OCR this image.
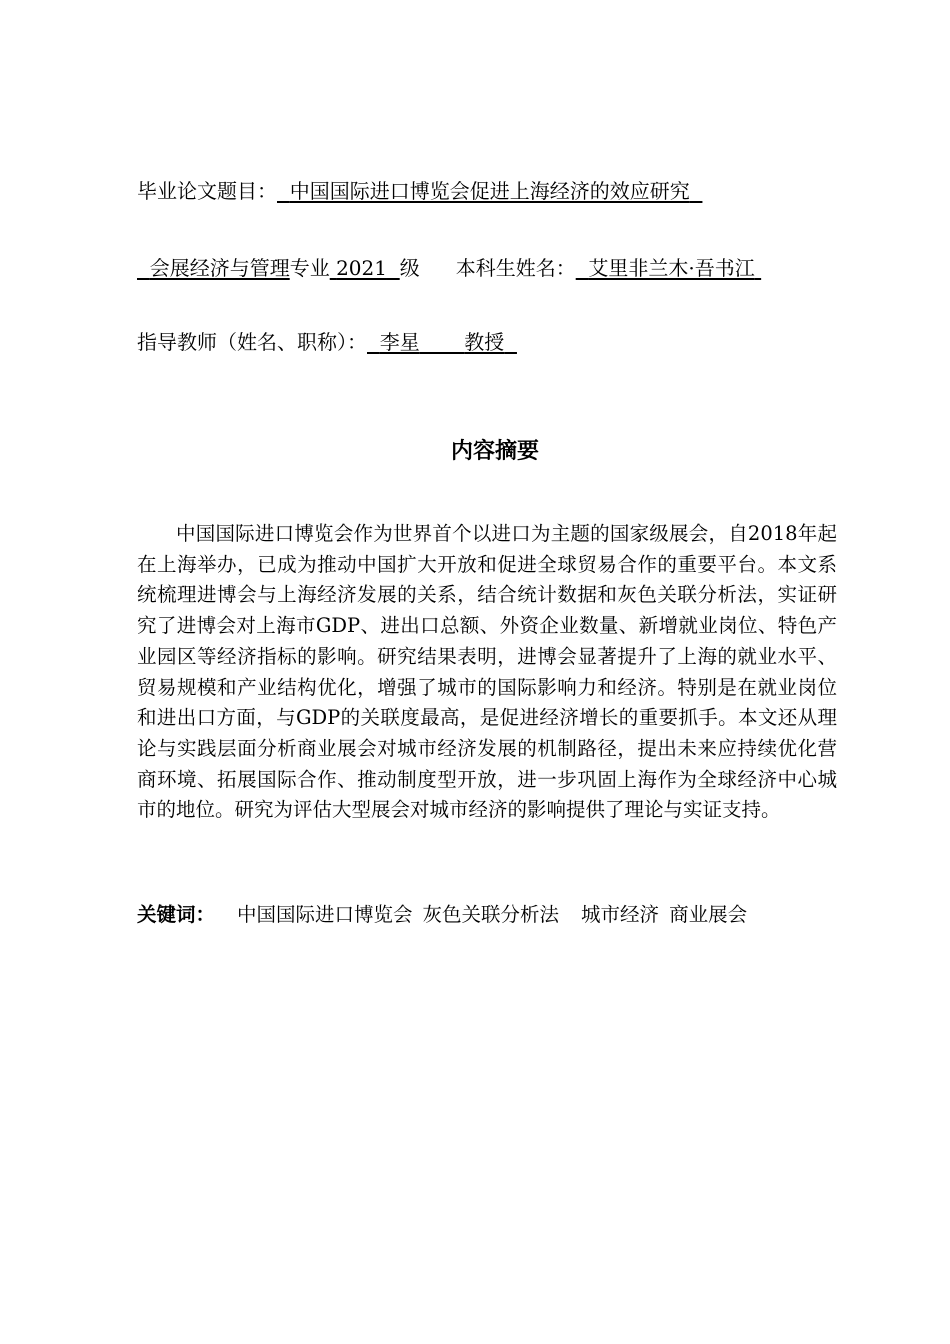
毕业论文题目： 中国国际进口博览会促进上海经济的效应研究
会展经济与管理专业 2021 级 本科生姓名： 艾里非兰木·吾书江
指导教师（姓名、职称）： 李星 教授
内容摘要

中国国际进口博览会作为世界首个以进口为主题的国家级展会，自2018年起在上海举办，已成为推动中国扩大开放和促进全球贸易合作的重要平台。本文系统梳理进博会与上海经济发展的关系，结合统计数据和灰色关联分析法，实证研究了进博会对上海市GDP、进出口总额、外资企业数量、新增就业岗位、特色产业园区等经济指标的影响。研究结果表明，进博会显著提升了上海的就业水平、贸易规模和产业结构优化，增强了城市的国际影响力和经济。特别是在就业岗位和进出口方面，与GDP的关联度最高，是促进经济增长的重要抓手。本文还从理论与实践层面分析商业展会对城市经济发展的机制路径，提出未来应持续优化营商环境、拓展国际合作、推动制度型开放，进一步巩固上海作为全球经济中心城市的地位。研究为评估大型展会对城市经济的影响提供了理论与实证支持。

关键词： 中国国际进口博览会 灰色关联分析法 城市经济 商业展会
